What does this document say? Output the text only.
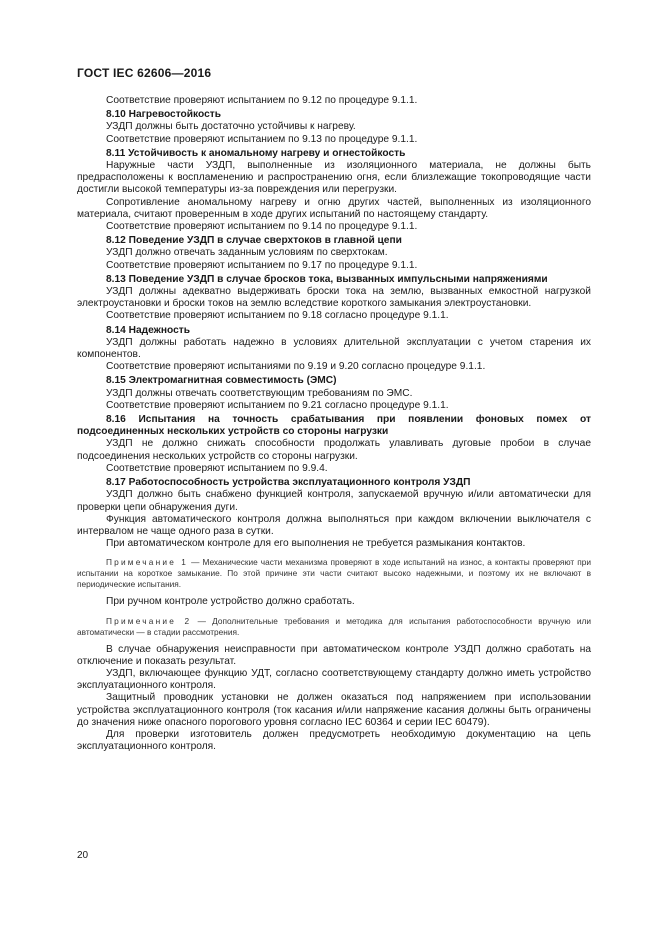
ГОСТ IEC 62606—2016

Соответствие проверяют испытанием по 9.12 по процедуре 9.1.1.

8.10 Нагревостойкость

УЗДП должны быть достаточно устойчивы к нагреву.

Соответствие проверяют испытанием по 9.13 по процедуре 9.1.1.

8.11 Устойчивость к аномальному нагреву и огнестойкость

Наружные части УЗДП, выполненные из изоляционного материала, не должны быть предрасположены к воспламенению и распространению огня, если близлежащие токопроводящие части достигли высокой температуры из-за повреждения или перегрузки.

Сопротивление аномальному нагреву и огню других частей, выполненных из изоляционного материала, считают проверенным в ходе других испытаний по настоящему стандарту.

Соответствие проверяют испытанием по 9.14 по процедуре 9.1.1.

8.12 Поведение УЗДП в случае сверхтоков в главной цепи

УЗДП должно отвечать заданным условиям по сверхтокам.

Соответствие проверяют испытанием по 9.17 по процедуре 9.1.1.

8.13 Поведение УЗДП в случае бросков тока, вызванных импульсными напряжениями

УЗДП должны адекватно выдерживать броски тока на землю, вызванных емкостной нагрузкой электроустановки и броски токов на землю вследствие короткого замыкания электроустановки.

Соответствие проверяют испытанием по 9.18 согласно процедуре 9.1.1.

8.14 Надежность

УЗДП должны работать надежно в условиях длительной эксплуатации с учетом старения их компонентов.

Соответствие проверяют испытаниями по 9.19 и 9.20 согласно процедуре 9.1.1.

8.15 Электромагнитная совместимость (ЭМС)

УЗДП должны отвечать соответствующим требованиям по ЭМС.

Соответствие проверяют испытанием по 9.21 согласно процедуре 9.1.1.

8.16 Испытания на точность срабатывания при появлении фоновых помех от подсоединенных нескольких устройств со стороны нагрузки

УЗДП не должно снижать способности продолжать улавливать дуговые пробои в случае подсоединения нескольких устройств со стороны нагрузки.

Соответствие проверяют испытанием по 9.9.4.

8.17 Работоспособность устройства эксплуатационного контроля УЗДП

УЗДП должно быть снабжено функцией контроля, запускаемой вручную и/или автоматически для проверки цепи обнаружения дуги.

Функция автоматического контроля должна выполняться при каждом включении выключателя с интервалом не чаще одного раза в сутки.

При автоматическом контроле для его выполнения не требуется размыкания контактов.

Примечание 1 — Механические части механизма проверяют в ходе испытаний на износ, а контакты проверяют при испытании на короткое замыкание. По этой причине эти части считают высоко надежными, и поэтому их не включают в периодические испытания.

При ручном контроле устройство должно сработать.

Примечание 2 — Дополнительные требования и методика для испытания работоспособности вручную или автоматически — в стадии рассмотрения.

В случае обнаружения неисправности при автоматическом контроле УЗДП должно сработать на отключение и показать результат.

УЗДП, включающее функцию УДТ, согласно соответствующему стандарту должно иметь устройство эксплуатационного контроля.

Защитный проводник установки не должен оказаться под напряжением при использовании устройства эксплуатационного контроля (ток касания и/или напряжение касания должны быть ограничены до значения ниже опасного порогового уровня согласно IEC 60364 и серии IEC 60479).

Для проверки изготовитель должен предусмотреть необходимую документацию на цепь эксплуатационного контроля.

20
